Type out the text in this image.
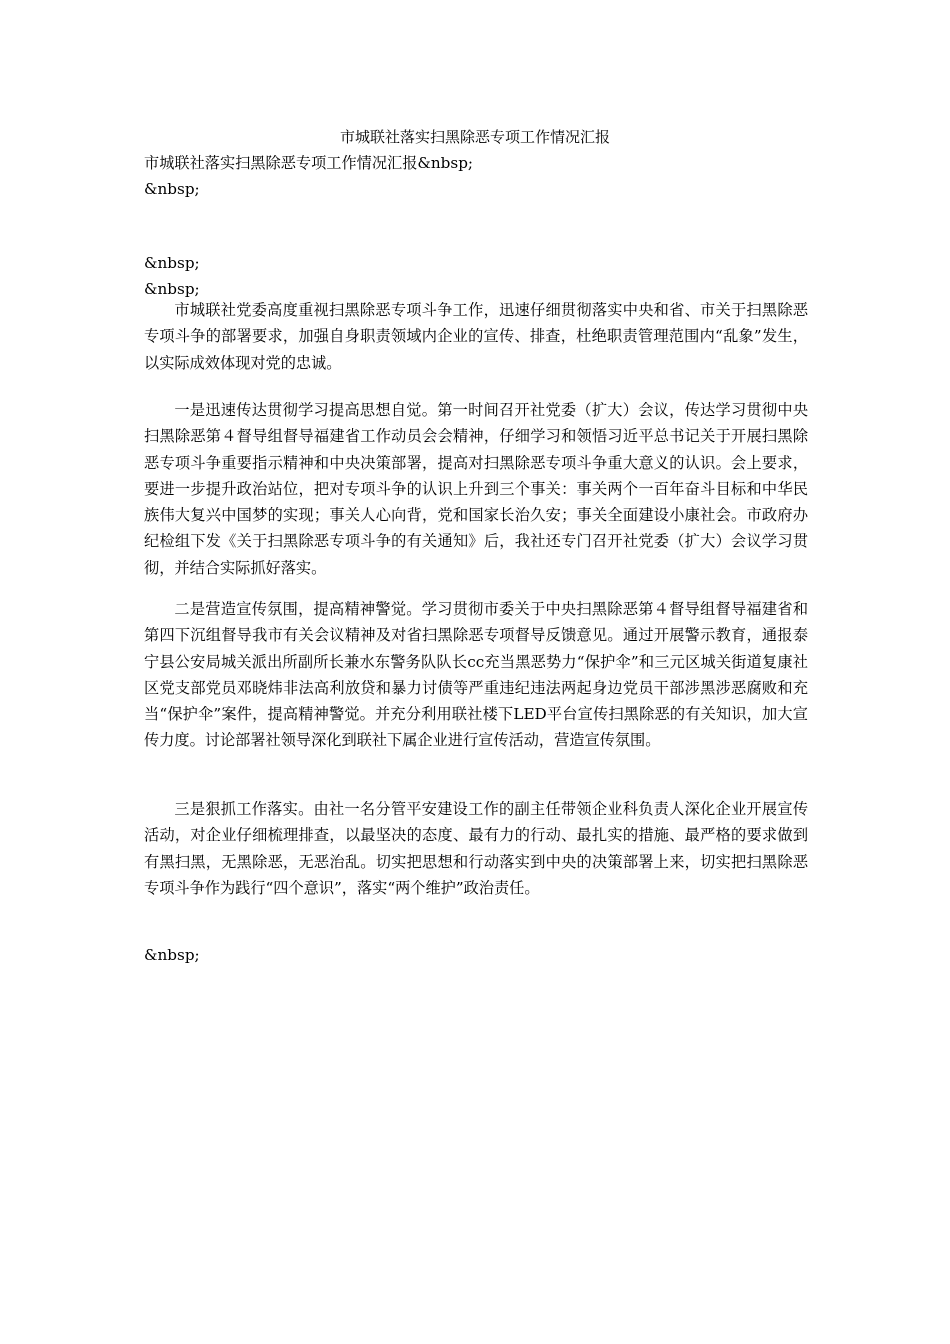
市城联社落实扫黑除恶专项工作情况汇报
市城联社落实扫黑除恶专项工作情况汇报&nbsp;
&nbsp;
&nbsp;
&nbsp;

市城联社党委高度重视扫黑除恶专项斗争工作，迅速仔细贯彻落实中央和省、市关于扫黑除恶专项斗争的部署要求，加强自身职责领域内企业的宣传、排查，杜绝职责管理范围内“乱象”发生，以实际成效体现对党的忠诚。

一是迅速传达贯彻学习提高思想自觉。第一时间召开社党委（扩大）会议，传达学习贯彻中央扫黑除恶第４督导组督导福建省工作动员会会精神，仔细学习和领悟习近平总书记关于开展扫黑除恶专项斗争重要指示精神和中央决策部署，提高对扫黑除恶专项斗争重大意义的认识。会上要求，要进一步提升政治站位，把对专项斗争的认识上升到三个事关：事关两个一百年奋斗目标和中华民族伟大复兴中国梦的实现；事关人心向背，党和国家长治久安；事关全面建设小康社会。市政府办纪检组下发《关于扫黑除恶专项斗争的有关通知》后，我社还专门召开社党委（扩大）会议学习贯彻，并结合实际抓好落实。

二是营造宣传氛围，提高精神警觉。学习贯彻市委关于中央扫黑除恶第４督导组督导福建省和第四下沉组督导我市有关会议精神及对省扫黑除恶专项督导反馈意见。通过开展警示教育，通报泰宁县公安局城关派出所副所长兼水东警务队队长cc充当黑恶势力“保护伞”和三元区城关街道复康社区党支部党员邓晓炜非法高利放贷和暴力讨债等严重违纪违法两起身边党员干部涉黑涉恶腐败和充当“保护伞”案件，提高精神警觉。并充分利用联社楼下LED平台宣传扫黑除恶的有关知识，加大宣传力度。讨论部署社领导深化到联社下属企业进行宣传活动，营造宣传氛围。

三是狠抓工作落实。由社一名分管平安建设工作的副主任带领企业科负责人深化企业开展宣传活动，对企业仔细梳理排查，以最坚决的态度、最有力的行动、最扎实的措施、最严格的要求做到有黑扫黑，无黑除恶，无恶治乱。切实把思想和行动落实到中央的决策部署上来，切实把扫黑除恶专项斗争作为践行“四个意识”，落实“两个维护”政治责任。

&nbsp;
